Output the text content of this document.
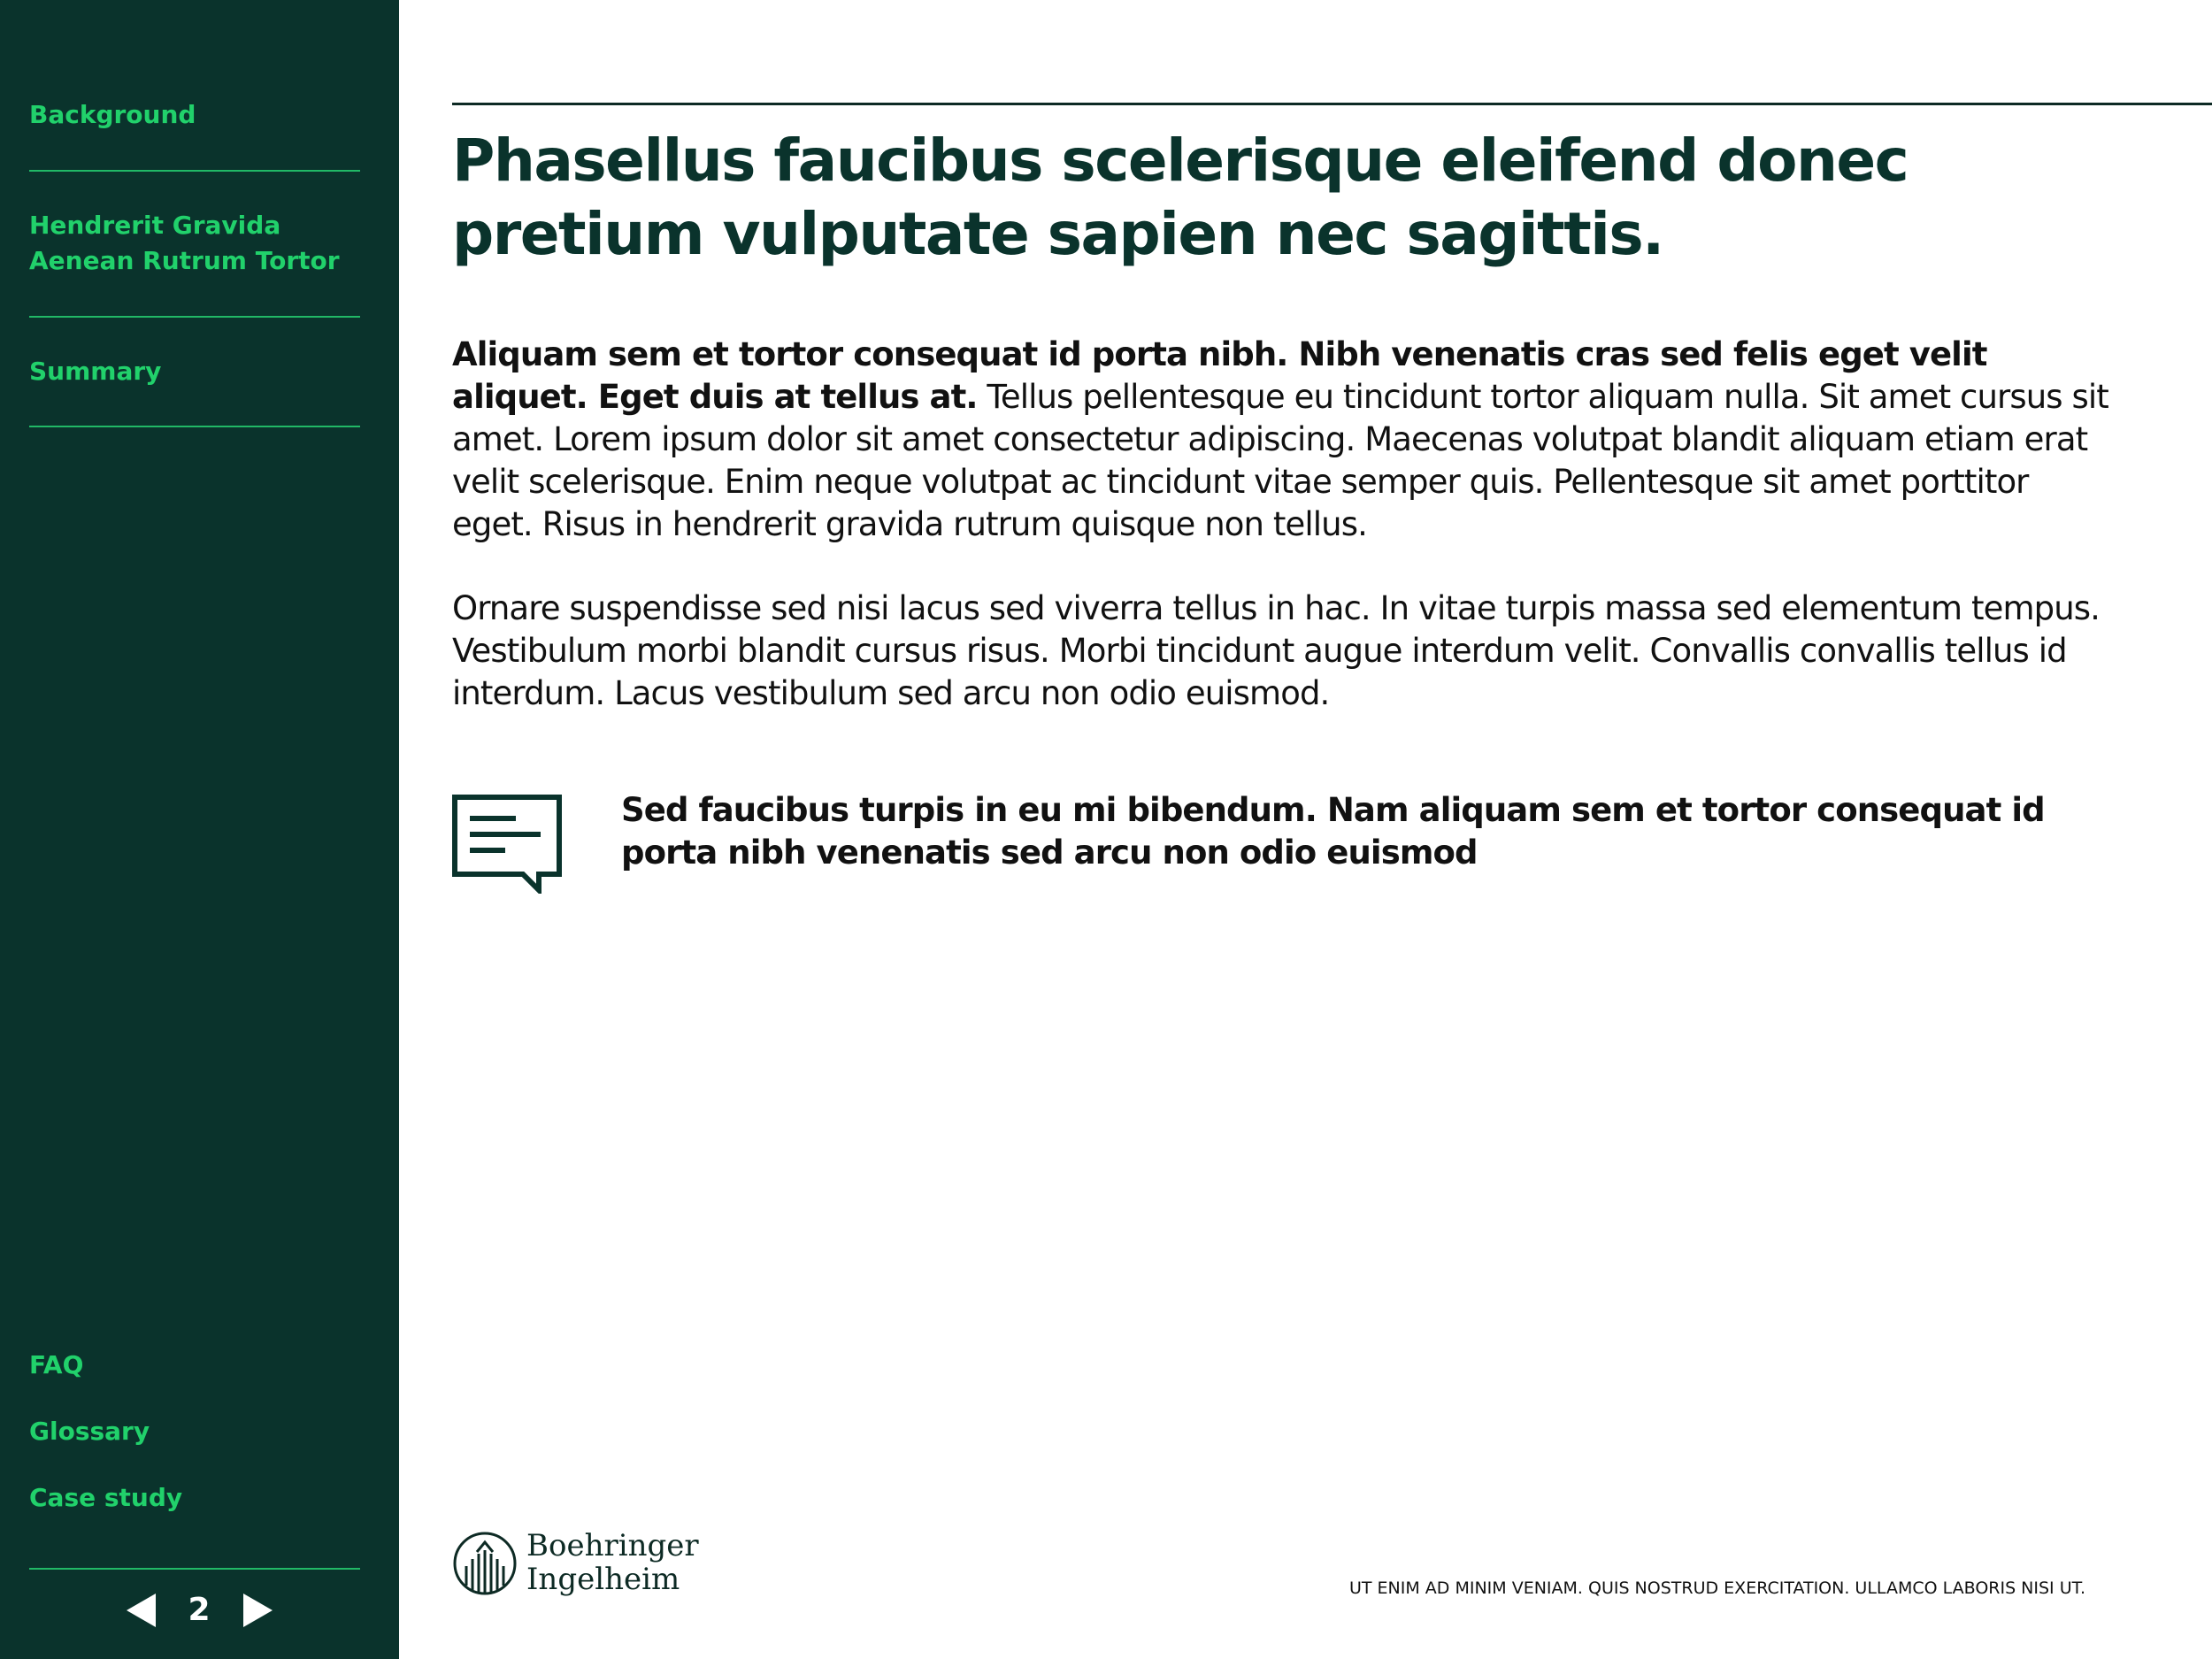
Background
Hendrerit Gravida Aenean Rutrum Tortor
Summary
FAQ
Glossary
Case study
2
Phasellus faucibus scelerisque eleifend donec pretium vulputate sapien nec sagittis.

Aliquam sem et tortor consequat id porta nibh. Nibh venenatis cras sed felis eget velit aliquet. Eget duis at tellus at. Tellus pellentesque eu tincidunt tortor aliquam nulla. Sit amet cursus sit amet. Lorem ipsum dolor sit amet consectetur adipiscing. Maecenas volutpat blandit aliquam etiam erat velit scelerisque. Enim neque volutpat ac tincidunt vitae semper quis. Pellentesque sit amet porttitor eget. Risus in hendrerit gravida rutrum quisque non tellus.

Ornare suspendisse sed nisi lacus sed viverra tellus in hac. In vitae turpis massa sed elementum tempus. Vestibulum morbi blandit cursus risus. Morbi tincidunt augue interdum velit. Convallis convallis tellus id interdum. Lacus vestibulum sed arcu non odio euismod.

Sed faucibus turpis in eu mi bibendum. Nam aliquam sem et tortor consequat id porta nibh venenatis sed arcu non odio euismod

Boehringer
Ingelheim	UT ENIM AD MINIM VENIAM. QUIS NOSTRUD EXERCITATION. ULLAMCO LABORIS NISI UT.
